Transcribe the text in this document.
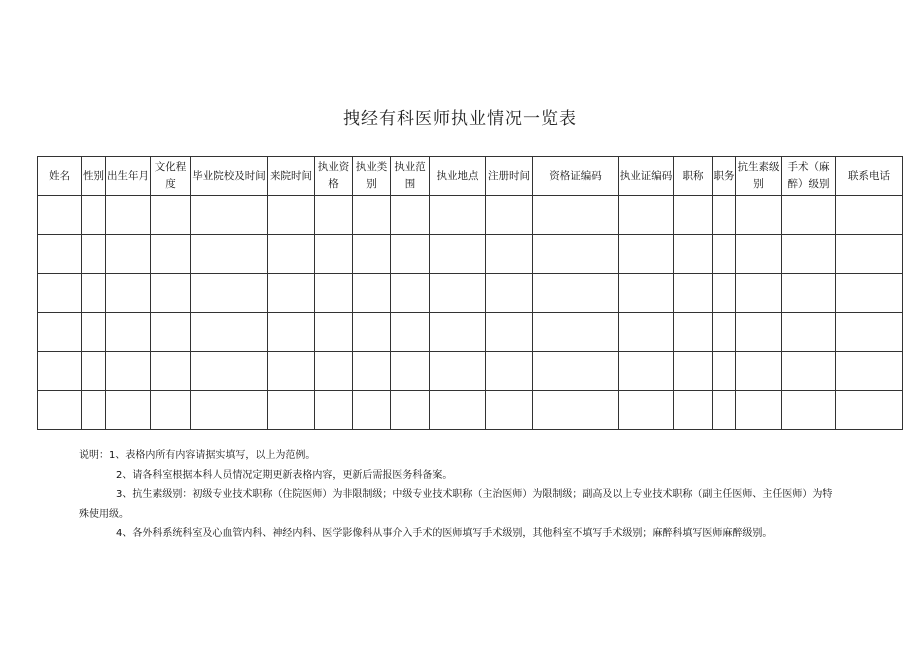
拽经有科医师执业情况一览表
姓名	性别	出生年月	文化程度	毕业院校及时间	来院时间	执业资格	执业类别	执业范围	执业地点	注册时间	资格证编码	执业证编码	职称	职务	抗生素级别	手术（麻醉）级别	联系电话

说明：1、表格内所有内容请据实填写，以上为范例。
2、请各科室根据本科人员情况定期更新表格内容，更新后需报医务科备案。
3、抗生素级别：初级专业技术职称（住院医师）为非限制级；中级专业技术职称（主治医师）为限制级；副高及以上专业技术职称（副主任医师、主任医师）为特
殊使用级。
4、各外科系统科室及心血管内科、神经内科、医学影像科从事介入手术的医师填写手术级别，其他科室不填写手术级别；麻醉科填写医师麻醉级别。
